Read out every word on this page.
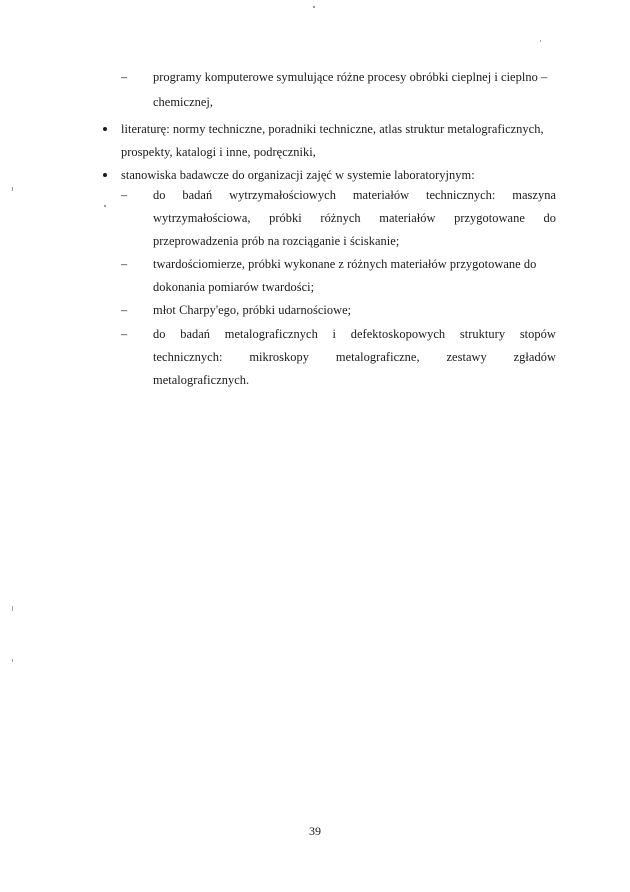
– programy komputerowe symulujące różne procesy obróbki cieplnej i cieplno –
chemicznej,
literaturę: normy techniczne, poradniki techniczne, atlas struktur metalograficznych,
prospekty, katalogi i inne, podręczniki,
stanowiska badawcze do organizacji zajęć w systemie laboratoryjnym:
– do badań wytrzymałościowych materiałów technicznych: maszyna
wytrzymałościowa, próbki różnych materiałów przygotowane do
przeprowadzenia prób na rozciąganie i ściskanie;
– twardościomierze, próbki wykonane z różnych materiałów przygotowane do
dokonania pomiarów twardości;
– młot Charpy'ego, próbki udarnościowe;
– do badań metalograficznych i defektoskopowych struktury stopów
technicznych: mikroskopy metalograficzne, zestawy zgładów
metalograficznych.
39
